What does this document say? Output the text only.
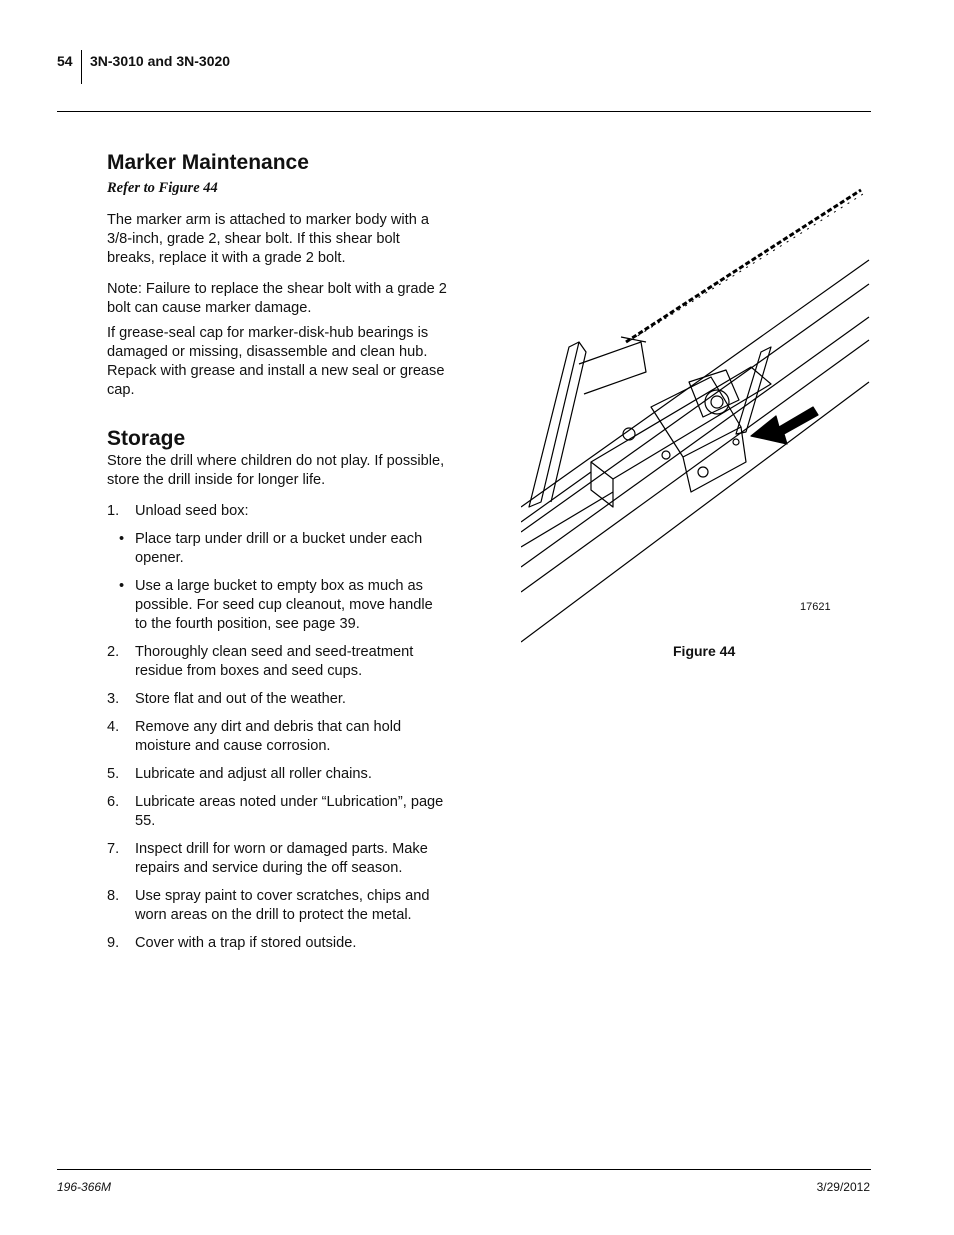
54 3N-3010 and 3N-3020
Marker Maintenance
Refer to Figure 44

The marker arm is attached to marker body with a 3/8-inch, grade 2, shear bolt. If this shear bolt breaks, replace it with a grade 2 bolt.

Note: Failure to replace the shear bolt with a grade 2 bolt can cause marker damage.

If grease-seal cap for marker-disk-hub bearings is damaged or missing, disassemble and clean hub. Repack with grease and install a new seal or grease cap.

Storage

Store the drill where children do not play. If possible, store the drill inside for longer life.

1. Unload seed box:
• Place tarp under drill or a bucket under each opener.
• Use a large bucket to empty box as much as possible. For seed cup cleanout, move handle to the fourth position, see page 39.
2. Thoroughly clean seed and seed-treatment residue from boxes and seed cups.
3. Store flat and out of the weather.
4. Remove any dirt and debris that can hold moisture and cause corrosion.
5. Lubricate and adjust all roller chains.
6. Lubricate areas noted under “Lubrication”, page 55.
7. Inspect drill for worn or damaged parts. Make repairs and service during the off season.
8. Use spray paint to cover scratches, chips and worn areas on the drill to protect the metal.
9. Cover with a trap if stored outside.
17621
Figure 44
196-366M	3/29/2012
